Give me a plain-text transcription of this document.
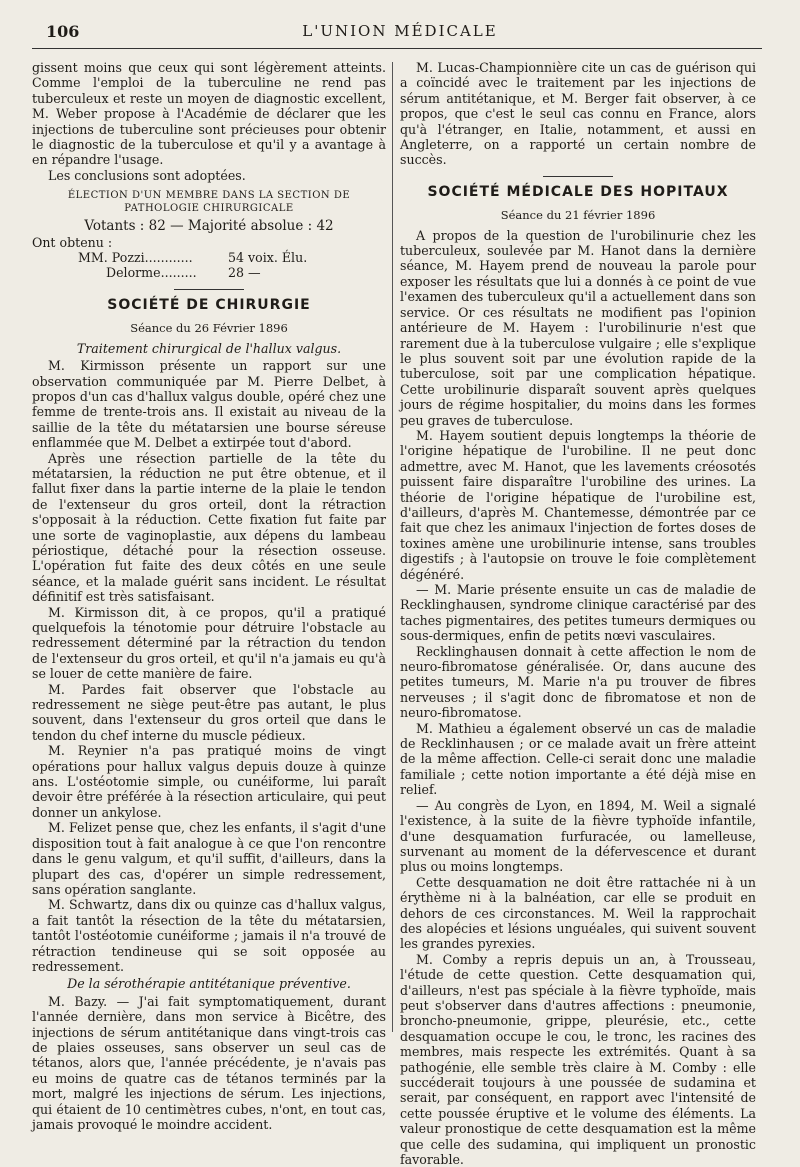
106	L'UNION MÉDICALE

gissent moins que ceux qui sont légèrement atteints. Comme l'emploi de la tuberculine ne rend pas tuberculeux et reste un moyen de diagnostic excellent, M. Weber propose à l'Académie de déclarer que les injections de tuberculine sont précieuses pour obtenir le diagnostic de la tuberculose et qu'il y a avantage à en répandre l'usage.

Les conclusions sont adoptées.

ÉLECTION D'UN MEMBRE DANS LA SECTION DE PATHOLOGIE CHIRURGICALE

Votants : 82 — Majorité absolue : 42

Ont obtenu :

MM. Pozzi............	54 voix. Élu.
Delorme.........	28 —

SOCIÉTÉ DE CHIRURGIE

Séance du 26 Février 1896

Traitement chirurgical de l'hallux valgus.

M. Kirmisson présente un rapport sur une observation communiquée par M. Pierre Delbet, à propos d'un cas d'hallux valgus double, opéré chez une femme de trente-trois ans. Il existait au niveau de la saillie de la tête du métatarsien une bourse séreuse enflammée que M. Delbet a extirpée tout d'abord.

Après une résection partielle de la tête du métatarsien, la réduction ne put être obtenue, et il fallut fixer dans la partie interne de la plaie le tendon de l'extenseur du gros orteil, dont la rétraction s'opposait à la réduction. Cette fixation fut faite par une sorte de vaginoplastie, aux dépens du lambeau périostique, détaché pour la résection osseuse. L'opération fut faite des deux côtés en une seule séance, et la malade guérit sans incident. Le résultat définitif est très satisfaisant.

M. Kirmisson dit, à ce propos, qu'il a pratiqué quelquefois la ténotomie pour détruire l'obstacle au redressement déterminé par la rétraction du tendon de l'extenseur du gros orteil, et qu'il n'a jamais eu qu'à se louer de cette manière de faire.

M. Pardes fait observer que l'obstacle au redressement ne siège peut-être pas autant, le plus souvent, dans l'extenseur du gros orteil que dans le tendon du chef interne du muscle pédieux.

M. Reynier n'a pas pratiqué moins de vingt opérations pour hallux valgus depuis douze à quinze ans. L'ostéotomie simple, ou cunéiforme, lui paraît devoir être préférée à la résection articulaire, qui peut donner un ankylose.

M. Felizet pense que, chez les enfants, il s'agit d'une disposition tout à fait analogue à ce que l'on rencontre dans le genu valgum, et qu'il suffit, d'ailleurs, dans la plupart des cas, d'opérer un simple redressement, sans opération sanglante.

M. Schwartz, dans dix ou quinze cas d'hallux valgus, a fait tantôt la résection de la tête du métatarsien, tantôt l'ostéotomie cunéiforme ; jamais il n'a trouvé de rétraction tendineuse qui se soit opposée au redressement.

De la sérothérapie antitétanique préventive.

M. Bazy. — J'ai fait symptomatiquement, durant l'année dernière, dans mon service à Bicêtre, des injections de sérum antitétanique dans vingt-trois cas de plaies osseuses, sans observer un seul cas de tétanos, alors que, l'année précédente, je n'avais pas eu moins de quatre cas de tétanos terminés par la mort, malgré les injections de sérum. Les injections, qui étaient de 10 centimètres cubes, n'ont, en tout cas, jamais provoqué le moindre accident.

M. Lucas-Championnière cite un cas de guérison qui a coïncidé avec le traitement par les injections de sérum antitétanique, et M. Berger fait observer, à ce propos, que c'est le seul cas connu en France, alors qu'à l'étranger, en Italie, notamment, et aussi en Angleterre, on a rapporté un certain nombre de succès.

SOCIÉTÉ MÉDICALE DES HOPITAUX

Séance du 21 février 1896

A propos de la question de l'urobilinurie chez les tuberculeux, soulevée par M. Hanot dans la dernière séance, M. Hayem prend de nouveau la parole pour exposer les résultats que lui a donnés à ce point de vue l'examen des tuberculeux qu'il a actuellement dans son service. Or ces résultats ne modifient pas l'opinion antérieure de M. Hayem : l'urobilinurie n'est que rarement due à la tuberculose vulgaire ; elle s'explique le plus souvent soit par une évolution rapide de la tuberculose, soit par une complication hépatique. Cette urobilinurie disparaît souvent après quelques jours de régime hospitalier, du moins dans les formes peu graves de tuberculose.

M. Hayem soutient depuis longtemps la théorie de l'origine hépatique de l'urobiline. Il ne peut donc admettre, avec M. Hanot, que les lavements créosotés puissent faire disparaître l'urobiline des urines. La théorie de l'origine hépatique de l'urobiline est, d'ailleurs, d'après M. Chantemesse, démontrée par ce fait que chez les animaux l'injection de fortes doses de toxines amène une urobilinurie intense, sans troubles digestifs ; à l'autopsie on trouve le foie complètement dégénéré.

— M. Marie présente ensuite un cas de maladie de Recklinghausen, syndrome clinique caractérisé par des taches pigmentaires, des petites tumeurs dermiques ou sous-dermiques, enfin de petits nœvi vasculaires.

Recklinghausen donnait à cette affection le nom de neuro-fibromatose généralisée. Or, dans aucune des petites tumeurs, M. Marie n'a pu trouver de fibres nerveuses ; il s'agit donc de fibromatose et non de neuro-fibromatose.

M. Mathieu a également observé un cas de maladie de Recklinhausen ; or ce malade avait un frère atteint de la même affection. Celle-ci serait donc une maladie familiale ; cette notion importante a été déjà mise en relief.

— Au congrès de Lyon, en 1894, M. Weil a signalé l'existence, à la suite de la fièvre typhoïde infantile, d'une desquamation furfuracée, ou lamelleuse, survenant au moment de la défervescence et durant plus ou moins longtemps.

Cette desquamation ne doit être rattachée ni à un érythème ni à la balnéation, car elle se produit en dehors de ces circonstances. M. Weil la rapprochait des alopécies et lésions unguéales, qui suivent souvent les grandes pyrexies.

M. Comby a repris depuis un an, à Trousseau, l'étude de cette question. Cette desquamation qui, d'ailleurs, n'est pas spéciale à la fièvre typhoïde, mais peut s'observer dans d'autres affections : pneumonie, broncho-pneumonie, grippe, pleurésie, etc., cette desquamation occupe le cou, le tronc, les racines des membres, mais respecte les extrémités. Quant à sa pathogénie, elle semble très claire à M. Comby : elle succéderait toujours à une poussée de sudamina et serait, par conséquent, en rapport avec l'intensité de cette poussée éruptive et le volume des éléments. La valeur pronostique de cette desquamation est la même que celle des sudamina, qui impliquent un pronostic favorable.
